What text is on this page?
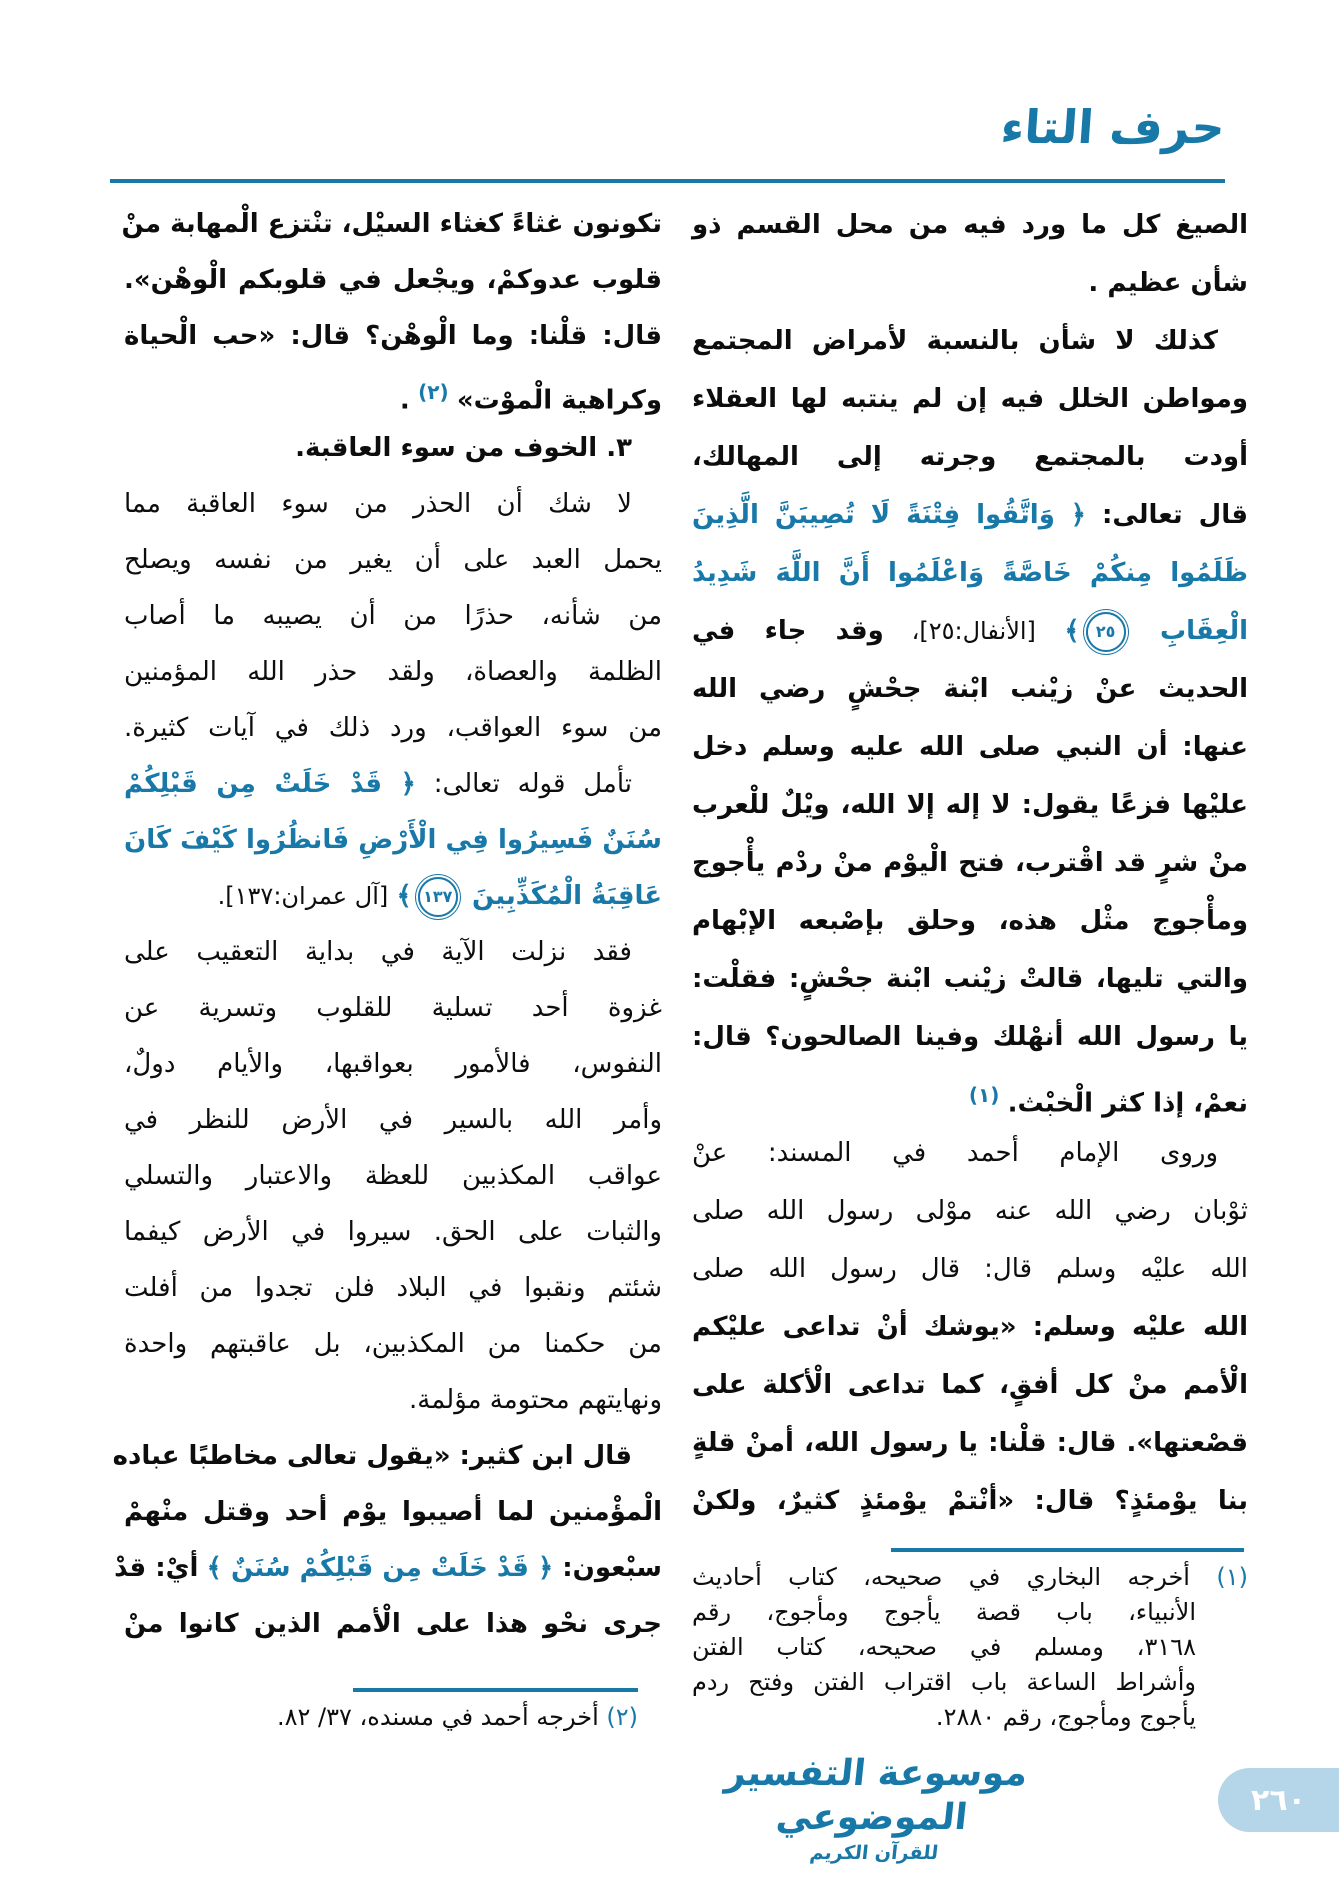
حرف التاء
الصيغ كل ما ورد فيه من محل القسم ذو
شأن عظيم .
كذلك لا شأن بالنسبة لأمراض المجتمع
ومواطن الخلل فيه إن لم ينتبه لها العقلاء
أودت بالمجتمع وجرته إلى المهالك،
قال تعالى: ﴿ وَاتَّقُوا فِتْنَةً لَا تُصِيبَنَّ الَّذِينَ
ظَلَمُوا مِنكُمْ خَاصَّةً وَاعْلَمُوا أَنَّ اللَّهَ شَدِيدُ
الْعِقَابِ ٢٥﴾ [الأنفال:٢٥]، وقد جاء في
الحديث عنْ زيْنب ابْنة جحْشٍ رضي الله
عنها: أن النبي صلى الله عليه وسلم دخل
عليْها فزعًا يقول: لا إله إلا الله، ويْلٌ للْعرب
منْ شرٍ قد اقْترب، فتح الْيوْم منْ ردْم يأْجوج
ومأْجوج مثْل هذه، وحلق بإصْبعه الإبْهام
والتي تليها، قالتْ زيْنب ابْنة جحْشٍ: فقلْت:
يا رسول الله أنهْلك وفينا الصالحون؟ قال:
نعمْ، إذا كثر الْخبْث. $^{(١)}$
وروى الإمام أحمد في المسند: عنْ
ثوْبان رضي الله عنه موْلى رسول الله صلى
الله عليْه وسلم قال: قال رسول الله صلى
الله عليْه وسلم: «يوشك أنْ تداعى عليْكم
الْأمم منْ كل أفقٍ، كما تداعى الْأكلة على
قصْعتها». قال: قلْنا: يا رسول الله، أمنْ قلةٍ
بنا يوْمئذٍ؟ قال: «أنْتمْ يوْمئذٍ كثيرٌ، ولكنْ
تكونون غثاءً كغثاء السيْل، تنْتزع الْمهابة منْ
قلوب عدوكمْ، ويجْعل في قلوبكم الْوهْن».
قال: قلْنا: وما الْوهْن؟ قال: «حب الْحياة
وكراهية الْموْت» $^{(٢)}$ .
٣. الخوف من سوء العاقبة.
لا شك أن الحذر من سوء العاقبة مما
يحمل العبد على أن يغير من نفسه ويصلح
من شأنه، حذرًا من أن يصيبه ما أصاب
الظلمة والعصاة، ولقد حذر الله المؤمنين
من سوء العواقب، ورد ذلك في آيات كثيرة.
تأمل قوله تعالى: ﴿ قَدْ خَلَتْ مِن قَبْلِكُمْ
سُنَنٌ فَسِيرُوا فِي الْأَرْضِ فَانظُرُوا كَيْفَ كَانَ
عَاقِبَةُ الْمُكَذِّبِينَ ١٣٧﴾ [آل عمران:١٣٧].
فقد نزلت الآية في بداية التعقيب على
غزوة أحد تسلية للقلوب وتسرية عن
النفوس، فالأمور بعواقبها، والأيام دولٌ،
وأمر الله بالسير في الأرض للنظر في
عواقب المكذبين للعظة والاعتبار والتسلي
والثبات على الحق. سيروا في الأرض كيفما
شئتم ونقبوا في البلاد فلن تجدوا من أفلت
من حكمنا من المكذبين، بل عاقبتهم واحدة
ونهايتهم محتومة مؤلمة.
قال ابن كثير: «يقول تعالى مخاطبًا عباده
الْمؤْمنين لما أصيبوا يوْم أحد وقتل منْهمْ
سبْعون: ﴿ قَدْ خَلَتْ مِن قَبْلِكُمْ سُنَنٌ ﴾ أيْ: قدْ
جرى نحْو هذا على الْأمم الذين كانوا منْ
(١) أخرجه البخاري في صحيحه، كتاب أحاديث
الأنبياء، باب قصة يأجوج ومأجوج، رقم
٣١٦٨، ومسلم في صحيحه، كتاب الفتن
وأشراط الساعة باب اقتراب الفتن وفتح ردم
يأجوج ومأجوج، رقم ٢٨٨٠.
(٢) أخرجه أحمد في مسنده، ٣٧/ ٨٢.
موسوعة التفسير الموضوعي
للقرآن الكريم
٢٦٠
